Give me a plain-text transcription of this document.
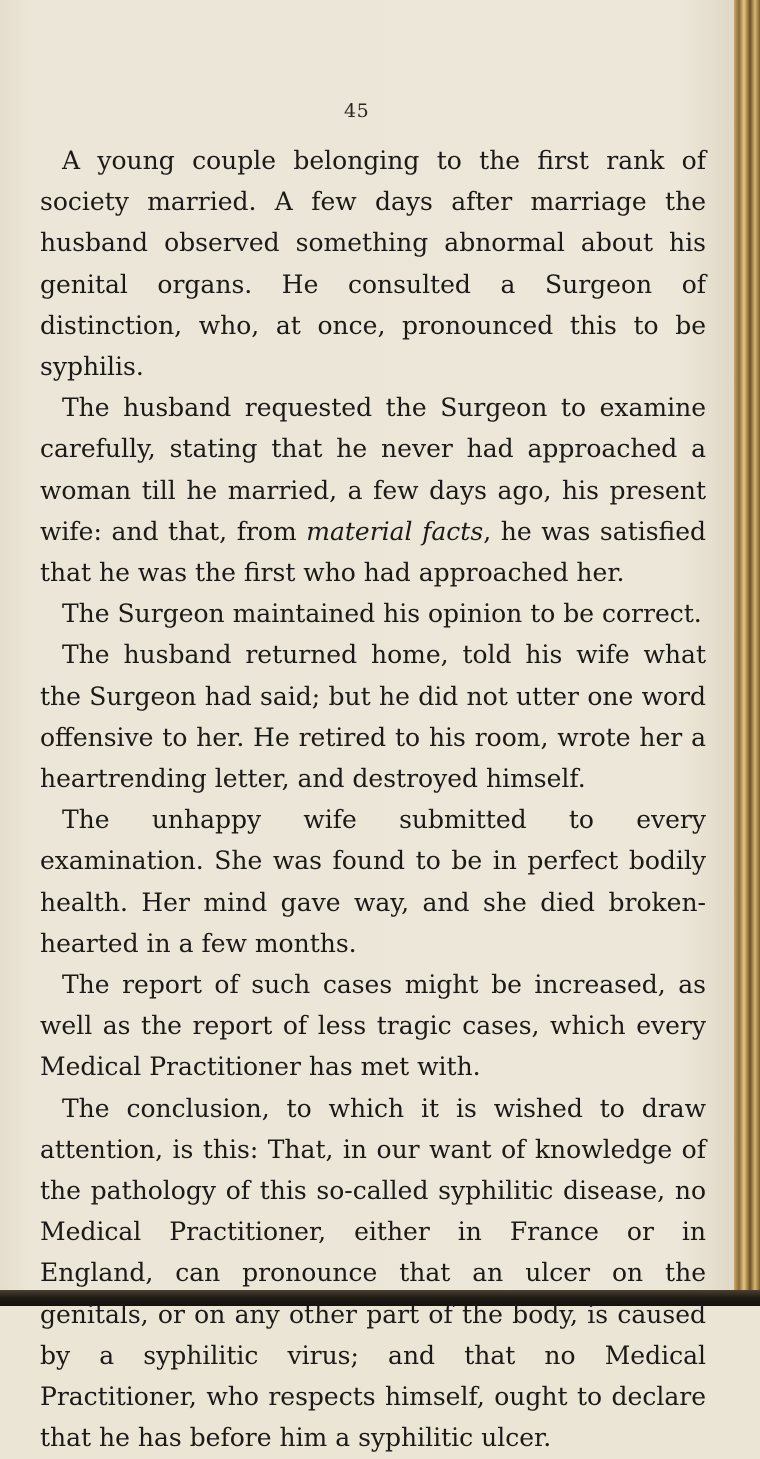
45

A young couple belonging to the first rank of society married. A few days after marriage the husband observed something abnormal about his genital organs. He consulted a Surgeon of distinction, who, at once, pronounced this to be syphilis.

The husband requested the Surgeon to examine carefully, stating that he never had approached a woman till he married, a few days ago, his present wife: and that, from material facts, he was satisfied that he was the first who had approached her.

The Surgeon maintained his opinion to be correct.

The husband returned home, told his wife what the Surgeon had said; but he did not utter one word offensive to her. He retired to his room, wrote her a heartrending letter, and destroyed himself.

The unhappy wife submitted to every examination. She was found to be in perfect bodily health. Her mind gave way, and she died broken-hearted in a few months.

The report of such cases might be increased, as well as the report of less tragic cases, which every Medical Practitioner has met with.

The conclusion, to which it is wished to draw attention, is this: That, in our want of knowledge of the pathology of this so-called syphilitic disease, no Medical Practitioner, either in France or in England, can pronounce that an ulcer on the genitals, or on any other part of the body, is caused by a syphilitic virus; and that no Medical Practitioner, who respects himself, ought to declare that he has before him a syphilitic ulcer.
